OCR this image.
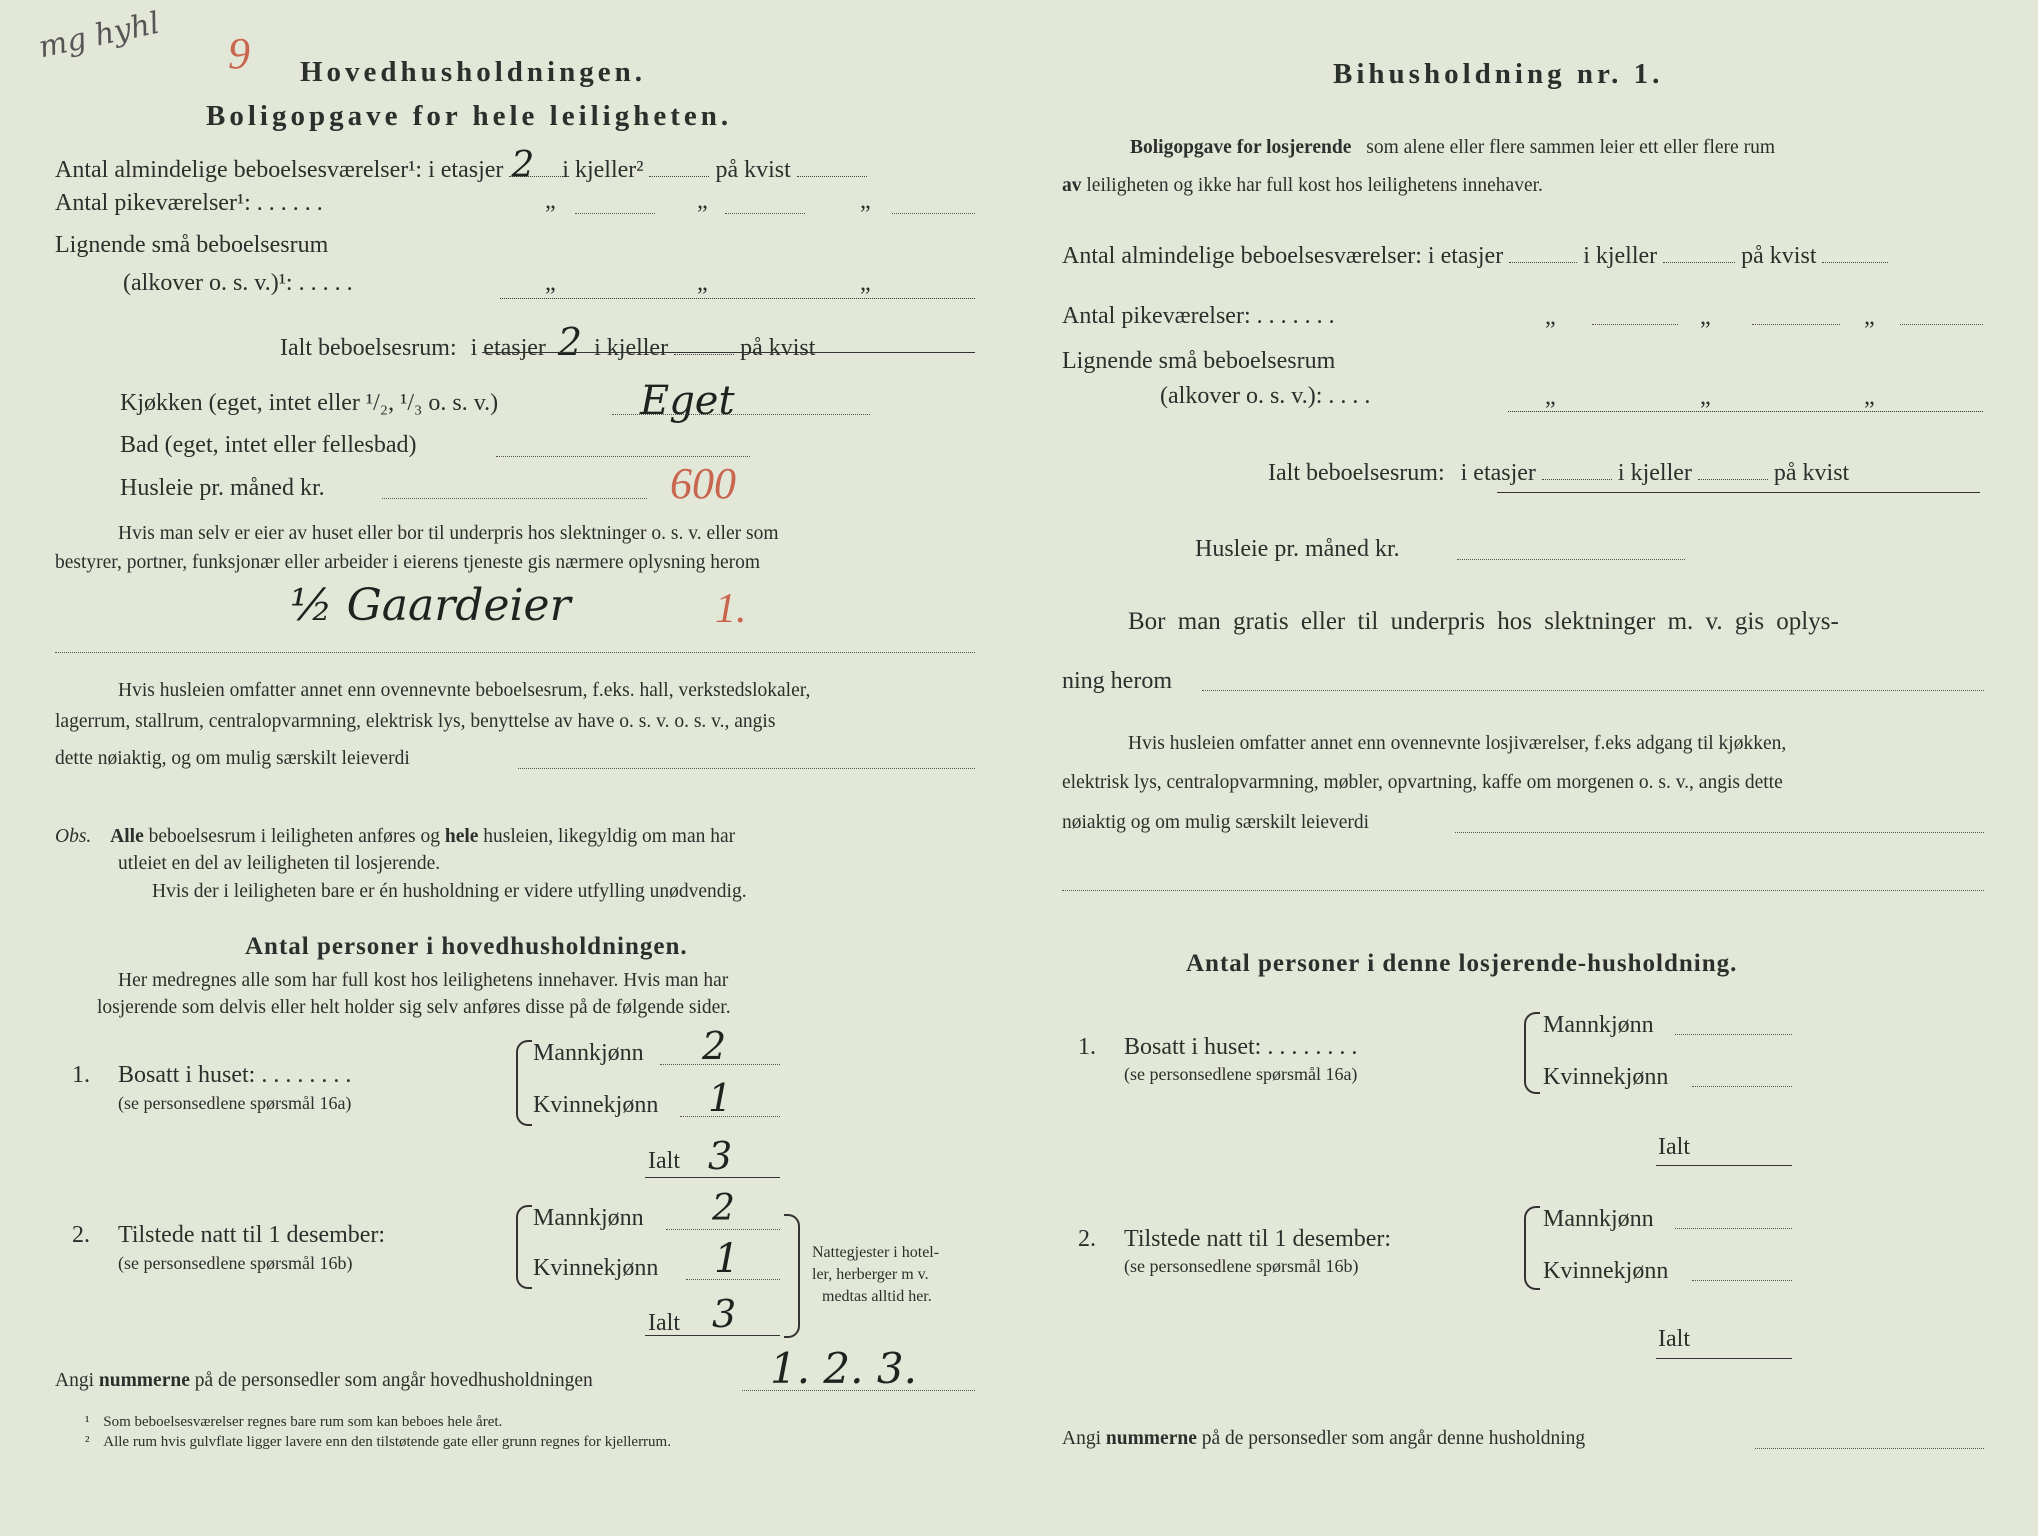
mg hyhl 9 Hovedhusholdningen.
Boligopgave for hele leiligheten.
Antal almindelige beboelsesværelser¹: i etasjer 2 i kjeller²	på kvist
Antal pikeværelser¹: . . . . . .	„	„	„
Lignende små beboelsesrum
(alkover o. s. v.)¹: . . . . .	„	„	„
Ialt beboelsesrum: i etasjer 2 i kjeller	på kvist
Kjøkken (eget, intet eller ¹/₂, ¹/₃ o. s. v.)	Eget
Bad (eget, intet eller fellesbad)
Husleie pr. måned kr.	600
Hvis man selv er eier av huset eller bor til underpris hos slektninger o. s. v. eller som
bestyrer, portner, funksjonær eller arbeider i eierens tjeneste gis nærmere oplysning herom
½ Gaardeier	1.
Hvis husleien omfatter annet enn ovennevnte beboelsesrum, f.eks. hall, verkstedslokaler,
lagerrum, stallrum, centralopvarmning, elektrisk lys, benyttelse av have o. s. v. o. s. v., angis
dette nøiaktig, og om mulig særskilt leieverdi
Obs. Alle beboelsesrum i leiligheten anføres og hele husleien, likegyldig om man har
utleiet en del av leiligheten til losjerende.
Hvis der i leiligheten bare er én husholdning er videre utfylling unødvendig.
Antal personer i hovedhusholdningen.
Her medregnes alle som har full kost hos leilighetens innehaver. Hvis man har
losjerende som delvis eller helt holder sig selv anføres disse på de følgende sider.
1. Bosatt i huset: . . . . . . . .
(se personsedlene spørsmål 16a)
Mannkjønn 2
Kvinnekjønn 1
Ialt 3
2. Tilstede natt til 1 desember:
(se personsedlene spørsmål 16b)
Mannkjønn 2
Kvinnekjønn 1
Ialt 3
Nattegjester i hotel-
ler, herberger m v.
medtas alltid her.
Angi nummerne på de personsedler som angår hovedhusholdningen	1. 2. 3.
¹ Som beboelsesværelser regnes bare rum som kan beboes hele året.
² Alle rum hvis gulvflate ligger lavere enn den tilstøtende gate eller grunn regnes for kjellerrum.
Bihusholdning nr. 1.
Boligopgave for losjerende som alene eller flere sammen leier ett eller flere rum
av leiligheten og ikke har full kost hos leilighetens innehaver.
Antal almindelige beboelsesværelser: i etasjer	i kjeller	på kvist
Antal pikeværelser: . . . . . . .	„	„	„
Lignende små beboelsesrum
(alkover o. s. v.): . . . .	„	„	„
Ialt beboelsesrum: i etasjer	i kjeller	på kvist
Husleie pr. måned kr.
Bor man gratis eller til underpris hos slektninger m. v. gis oplys-
ning herom
Hvis husleien omfatter annet enn ovennevnte losjiværelser, f.eks adgang til kjøkken,
elektrisk lys, centralopvarmning, møbler, opvartning, kaffe om morgenen o. s. v., angis dette
nøiaktig og om mulig særskilt leieverdi
Antal personer i denne losjerende-husholdning.
1. Bosatt i huset: . . . . . . . .
(se personsedlene spørsmål 16a)
Mannkjønn
Kvinnekjønn
Ialt
2. Tilstede natt til 1 desember:
(se personsedlene spørsmål 16b)
Mannkjønn
Kvinnekjønn
Ialt
Angi nummerne på de personsedler som angår denne husholdning
